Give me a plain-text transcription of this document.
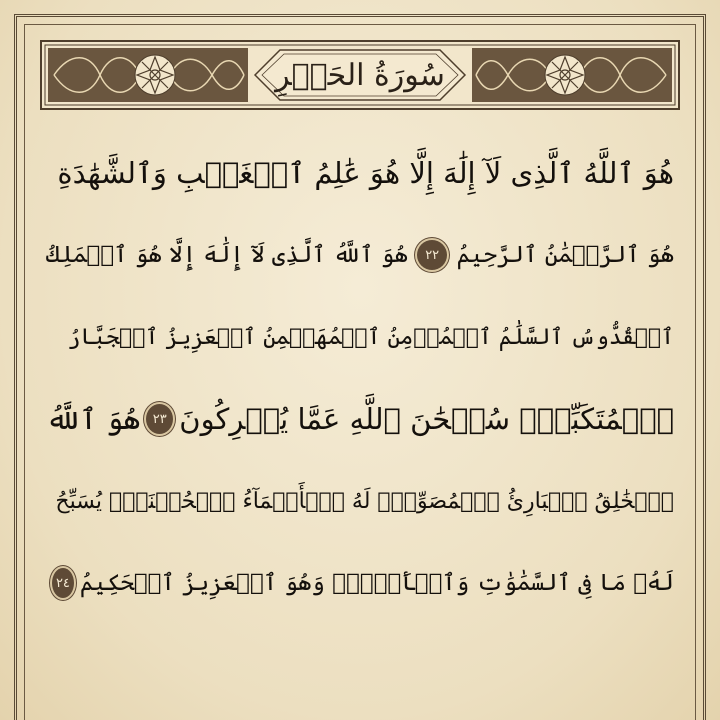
سُورَةُ الحَشۡرِ
هُوَ ٱللَّهُ ٱلَّذِى لَآ إِلَٰهَ إِلَّا هُوَ عَٰلِمُ ٱلۡغَيۡبِ وَٱلشَّهَٰدَةِ
هُوَ ٱلرَّحۡمَٰنُ ٱلرَّحِيمُ
٢٢
هُوَ ٱللَّهُ ٱلَّذِى لَآ إِلَٰهَ إِلَّا هُوَ ٱلۡمَلِكُ
ٱلۡقُدُّوسُ ٱلسَّلَٰمُ ٱلۡمُؤۡمِنُ ٱلۡمُهَيۡمِنُ ٱلۡعَزِيزُ ٱلۡجَبَّارُ
ٱلۡمُتَكَبِّرُۚ سُبۡحَٰنَ ٱللَّهِ عَمَّا يُشۡرِكُونَ
٢٣
هُوَ ٱللَّهُ
ٱلۡخَٰلِقُ ٱلۡبَارِئُ ٱلۡمُصَوِّرُۖ لَهُ ٱلۡأَسۡمَآءُ ٱلۡحُسۡنَىٰۚ يُسَبِّحُ
لَهُۥ مَا فِى ٱلسَّمَٰوَٰتِ وَٱلۡأَرۡضِۖ وَهُوَ ٱلۡعَزِيزُ ٱلۡحَكِيمُ
٢٤
